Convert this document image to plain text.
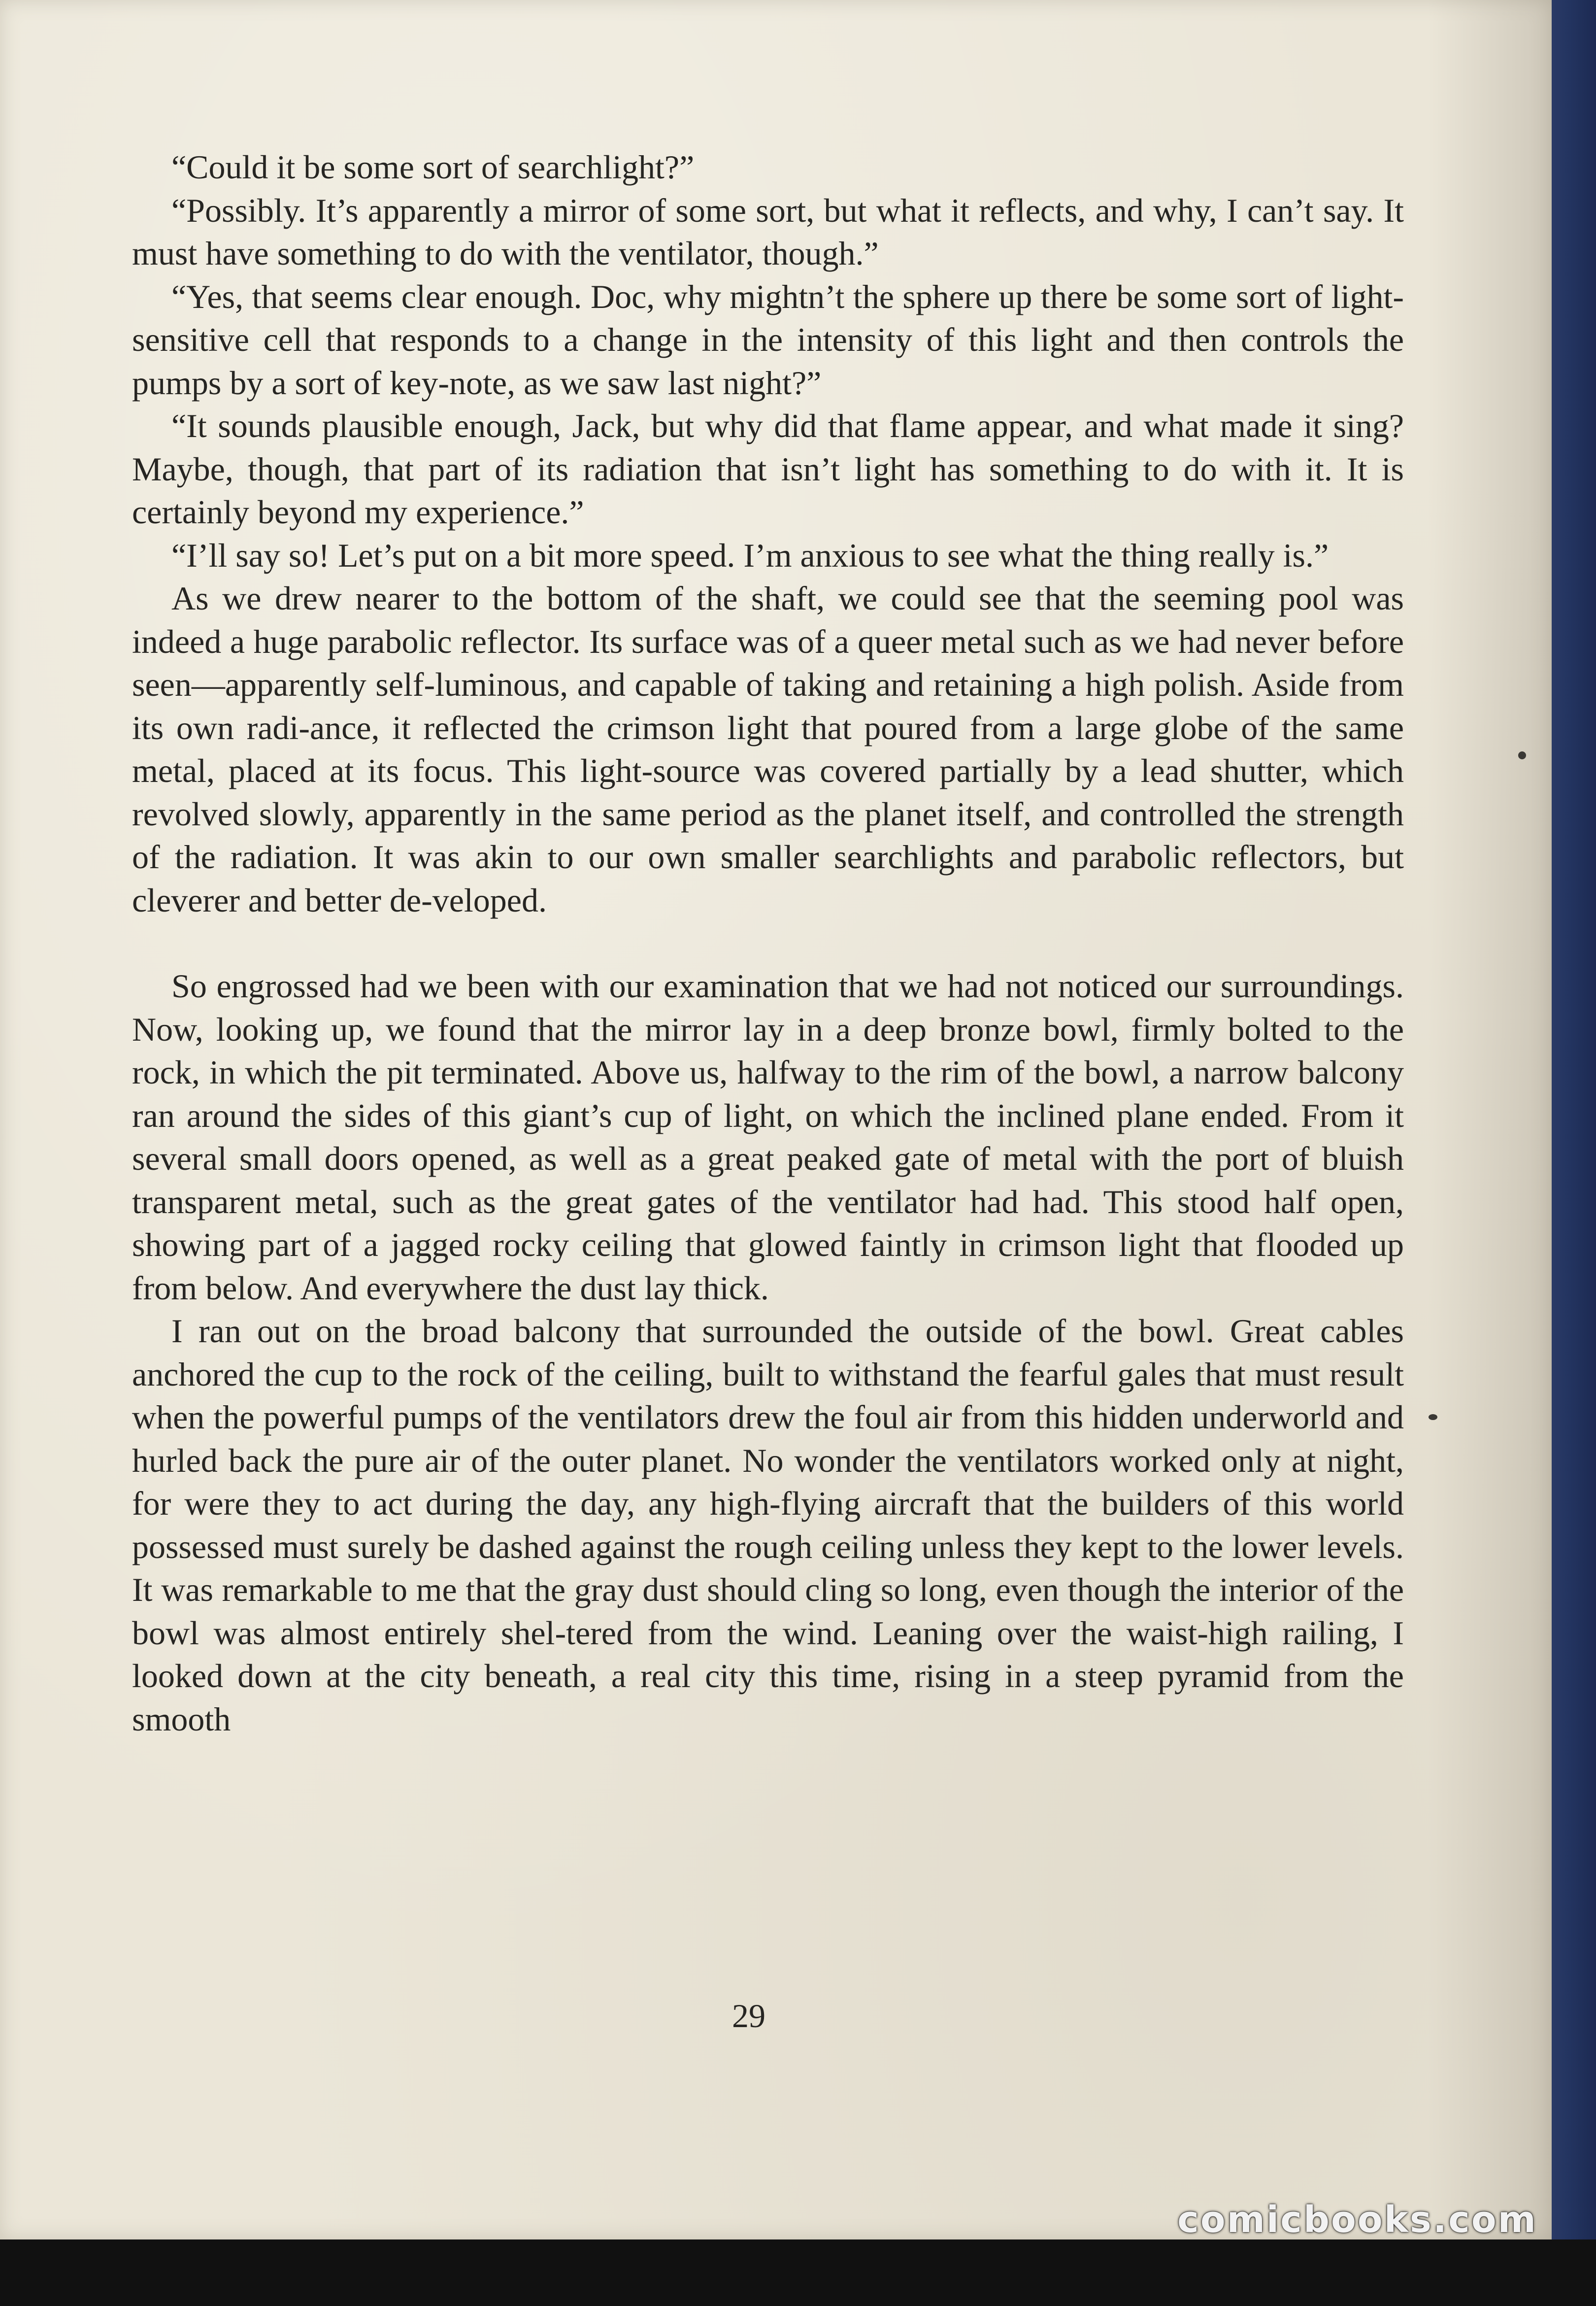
“Could it be some sort of searchlight?”

“Possibly. It’s apparently a mirror of some sort, but what it reflects, and why, I can’t say. It must have something to do with the ventilator, though.”

“Yes, that seems clear enough. Doc, why mightn’t the sphere up there be some sort of light-sensitive cell that responds to a change in the intensity of this light and then controls the pumps by a sort of key-note, as we saw last night?”

“It sounds plausible enough, Jack, but why did that flame appear, and what made it sing? Maybe, though, that part of its radiation that isn’t light has something to do with it. It is certainly beyond my experience.”

“I’ll say so! Let’s put on a bit more speed. I’m anxious to see what the thing really is.”

As we drew nearer to the bottom of the shaft, we could see that the seeming pool was indeed a huge parabolic reflector. Its surface was of a queer metal such as we had never before seen—apparently self-luminous, and capable of taking and retaining a high polish. Aside from its own radi-ance, it reflected the crimson light that poured from a large globe of the same metal, placed at its focus. This light-source was covered partially by a lead shutter, which revolved slowly, apparently in the same period as the planet itself, and controlled the strength of the radiation. It was akin to our own smaller searchlights and parabolic reflectors, but cleverer and better de-veloped.

So engrossed had we been with our examination that we had not noticed our surroundings. Now, looking up, we found that the mirror lay in a deep bronze bowl, firmly bolted to the rock, in which the pit terminated. Above us, halfway to the rim of the bowl, a narrow balcony ran around the sides of this giant’s cup of light, on which the inclined plane ended. From it several small doors opened, as well as a great peaked gate of metal with the port of bluish transparent metal, such as the great gates of the ventilator had had. This stood half open, showing part of a jagged rocky ceiling that glowed faintly in crimson light that flooded up from below. And everywhere the dust lay thick.

I ran out on the broad balcony that surrounded the outside of the bowl. Great cables anchored the cup to the rock of the ceiling, built to withstand the fearful gales that must result when the powerful pumps of the ventilators drew the foul air from this hidden underworld and hurled back the pure air of the outer planet. No wonder the ventilators worked only at night, for were they to act during the day, any high-flying aircraft that the builders of this world possessed must surely be dashed against the rough ceiling unless they kept to the lower levels. It was remarkable to me that the gray dust should cling so long, even though the interior of the bowl was almost entirely shel-tered from the wind. Leaning over the waist-high railing, I looked down at the city beneath, a real city this time, rising in a steep pyramid from the smooth

29
comicbooks.com
